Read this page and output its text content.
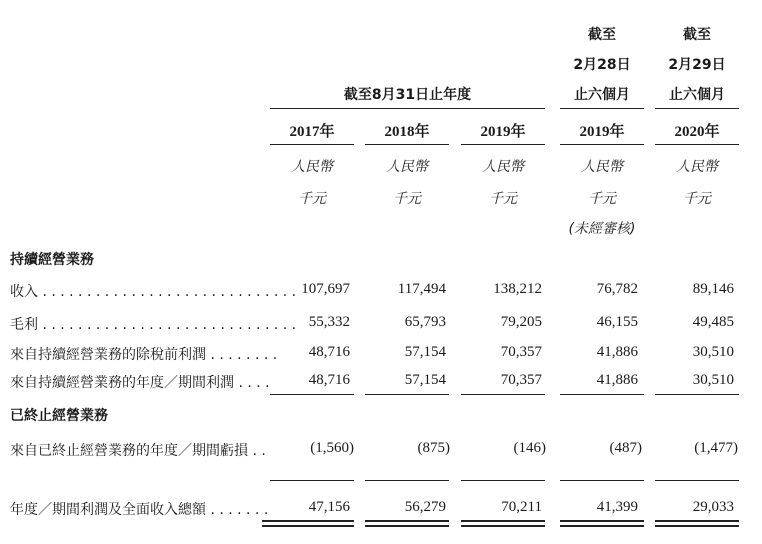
截至
2月28日
止六個月
截至
2月29日
止六個月
截至8月31日止年度
2017年	2018年	2019年	2019年	2020年
人民幣	人民幣	人民幣	人民幣	人民幣
千元	千元	千元	千元	千元
(未經審核)
持續經營業務
收入 . . . . . . . . . . . . . . . . . . . . . . . . . . . . . 107,697	117,494	138,212	76,782	89,146
毛利 . . . . . . . . . . . . . . . . . . . . . . . . . . . . . 55,332	65,793	79,205	46,155	49,485
來自持續經營業務的除稅前利潤 . . . . . . . .	48,716	57,154	70,357	41,886	30,510
來自持續經營業務的年度／期間利潤 . . . .	48,716	57,154	70,357	41,886	30,510
已終止經營業務
來自已終止經營業務的年度／期間虧損 . .	(1,560)	(875)	(146)	(487)	(1,477)
年度／期間利潤及全面收入總額 . . . . . . .	47,156	56,279	70,211	41,399	29,033
